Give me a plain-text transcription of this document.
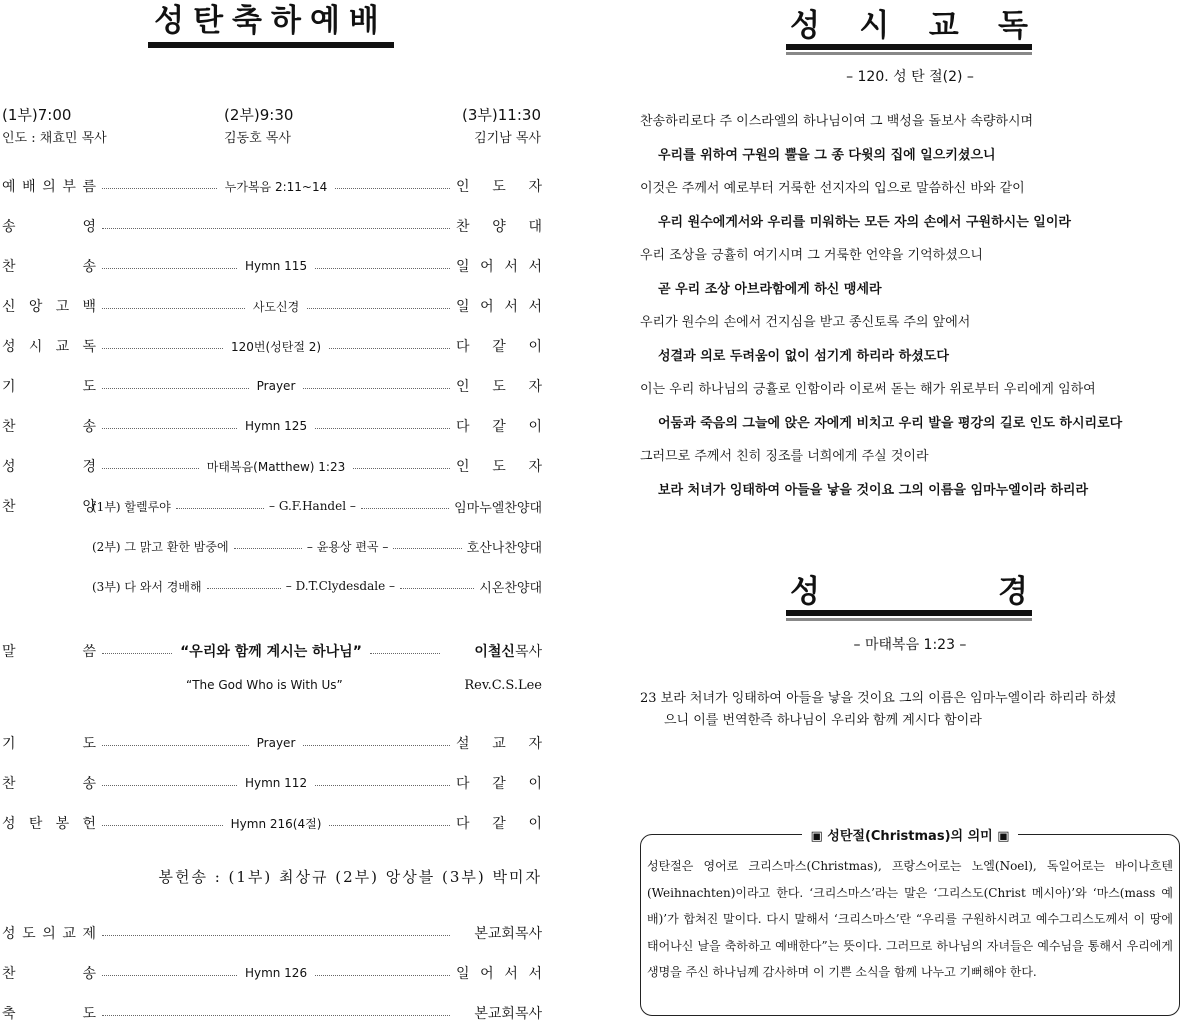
성탄축하예배
(1부)7:00
인도 : 채효민 목사
(2부)9:30
김동호 목사
(3부)11:30
김기남 목사
예 배 의 부 름	누가복음 2:11~14	인 도 자
송	영	찬 양 대
찬	송	Hymn 115	일 어 서 서
신 앙 고 백	사도신경	일 어 서 서
성 시 교 독	120번(성탄절 2)	다 같 이
기	도	Prayer	인 도 자
찬	송	Hymn 125	다 같 이
성	경	마태복음(Matthew) 1:23	인 도 자
찬	양
(1부) 할렐루야	– G.F.Handel –	임마누엘찬양대
(2부) 그 맑고 환한 밤중에	– 윤용상 편곡 –	호산나찬양대
(3부) 다 와서 경배해	– D.T.Clydesdale –	시온찬양대
말	씀	“우리와 함께 계시는 하나님”	이철신목사
“The God Who is With Us”	Rev.C.S.Lee
기	도	Prayer	설 교 자
찬	송	Hymn 112	다 같 이
성 탄 봉 헌	Hymn 216(4절)	다 같 이
성 도 의 교 제	본교회목사
찬	송	Hymn 126	일 어 서 서
축	도	본교회목사
봉헌송 : (1부) 최상규 (2부) 앙상블 (3부) 박미자
성 시 교 독
– 120. 성 탄 절(2) –
찬송하리로다 주 이스라엘의 하나님이여 그 백성을 돌보사 속량하시며
우리를 위하여 구원의 뿔을 그 종 다윗의 집에 일으키셨으니
이것은 주께서 예로부터 거룩한 선지자의 입으로 말씀하신 바와 같이
우리 원수에게서와 우리를 미워하는 모든 자의 손에서 구원하시는 일이라
우리 조상을 긍휼히 여기시며 그 거룩한 언약을 기억하셨으니
곧 우리 조상 아브라함에게 하신 맹세라
우리가 원수의 손에서 건지심을 받고 종신토록 주의 앞에서
성결과 의로 두려움이 없이 섬기게 하리라 하셨도다
이는 우리 하나님의 긍휼로 인함이라 이로써 돋는 해가 위로부터 우리에게 임하여
어둠과 죽음의 그늘에 앉은 자에게 비치고 우리 발을 평강의 길로 인도 하시리로다
그러므로 주께서 친히 징조를 너희에게 주실 것이라
보라 처녀가 잉태하여 아들을 낳을 것이요 그의 이름을 임마누엘이라 하리라
성	경
– 마태복음 1:23 –
23 보라 처녀가 잉태하여 아들을 낳을 것이요 그의 이름은 임마누엘이라 하리라 하셨
으니 이를 번역한즉 하나님이 우리와 함께 계시다 함이라
▣ 성탄절(Christmas)의 의미 ▣
성탄절은 영어로 크리스마스(Christmas), 프랑스어로는 노엘(Noel), 독일어로는 바이나흐텐(Weihnachten)이라고 한다. ‘크리스마스’라는 말은 ‘그리스도(Christ 메시아)’와 ‘마스(mass 예배)’가 합쳐진 말이다. 다시 말해서 ‘크리스마스’란 “우리를 구원하시려고 예수그리스도께서 이 땅에 태어나신 날을 축하하고 예배한다”는 뜻이다. 그러므로 하나님의 자녀들은 예수님을 통해서 우리에게 생명을 주신 하나님께 감사하며 이 기쁜 소식을 함께 나누고 기뻐해야 한다.
